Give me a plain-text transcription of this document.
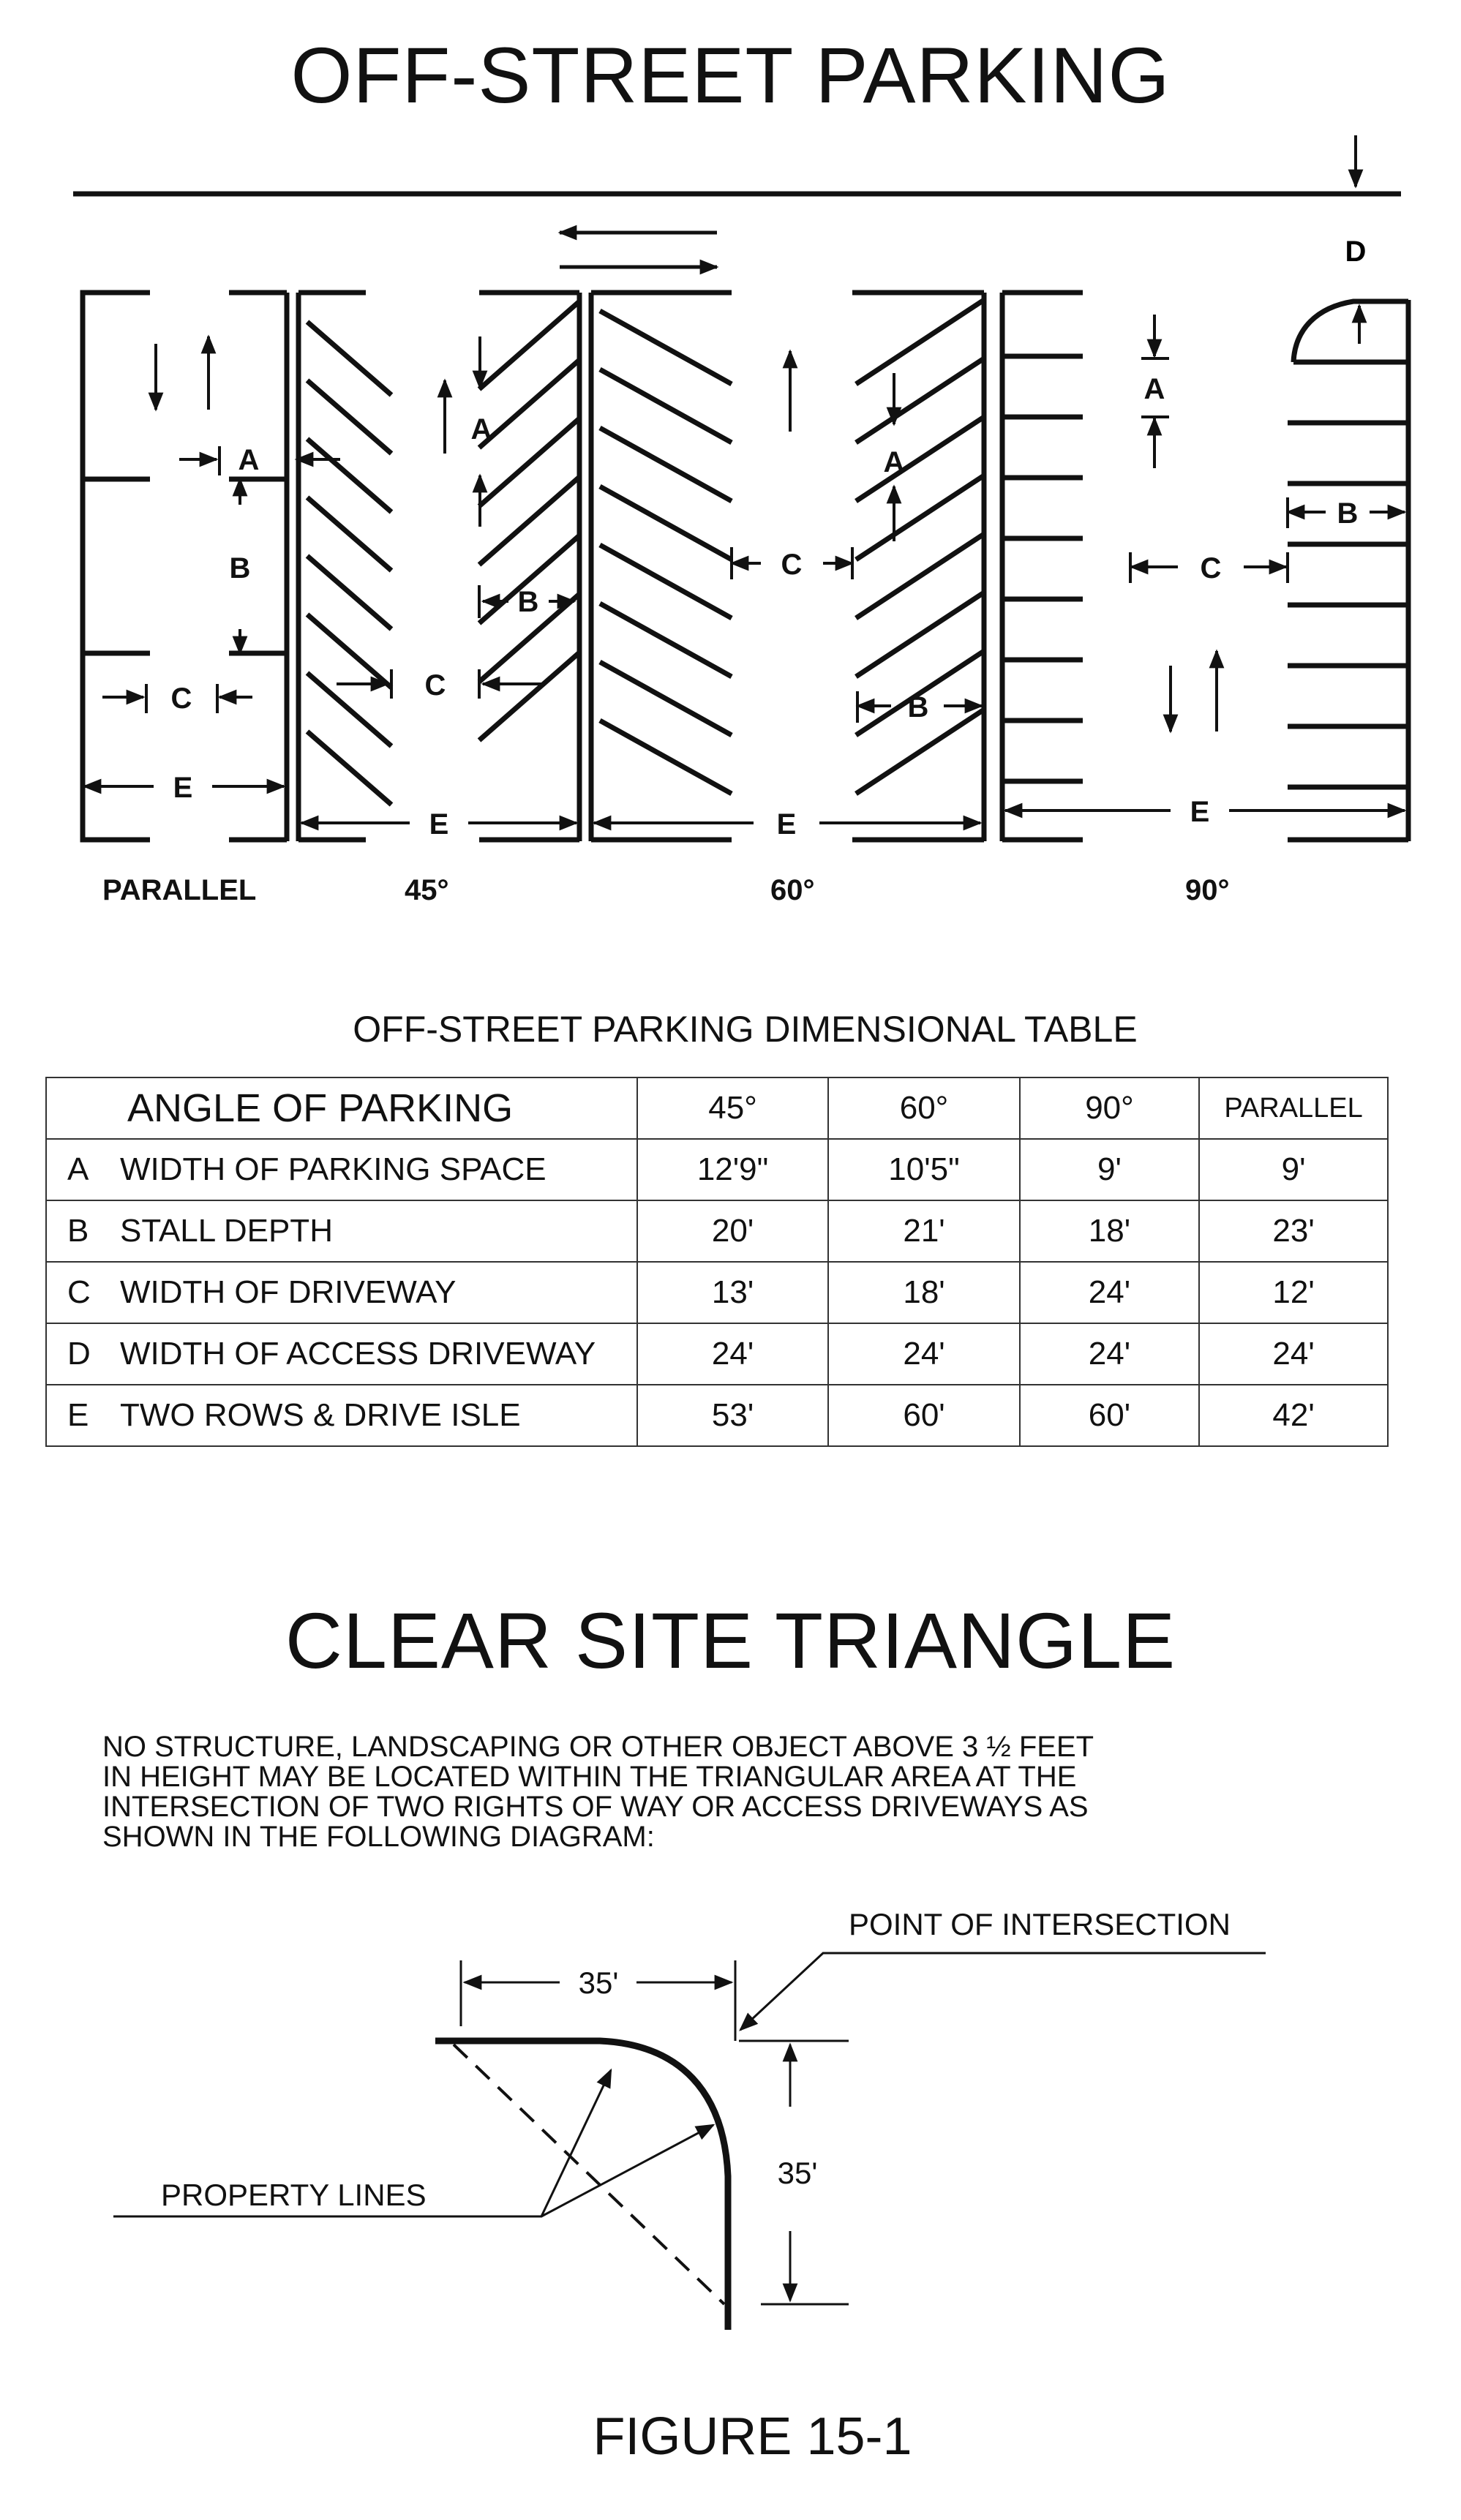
OFF-STREET PARKING
D
A
B
C
E
A
B
C
E
A
C
B
E
A
B
C
E
PARALLEL	45°	60°	90°
OFF-STREET PARKING DIMENSIONAL TABLE
ANGLE OF PARKING	45°	60°	90°	PARALLEL
A WIDTH OF PARKING SPACE	12'9"	10'5"	9'	9'
B STALL DEPTH	20'	21'	18'	23'
C WIDTH OF DRIVEWAY	13'	18'	24'	12'
D WIDTH OF ACCESS DRIVEWAY	24'	24'	24'	24'
E TWO ROWS & DRIVE ISLE	53'	60'	60'	42'
CLEAR SITE TRIANGLE
NO STRUCTURE, LANDSCAPING OR OTHER OBJECT ABOVE 3 ½ FEET
IN HEIGHT MAY BE LOCATED WITHIN THE TRIANGULAR AREA AT THE
INTERSECTION OF TWO RIGHTS OF WAY OR ACCESS DRIVEWAYS AS
SHOWN IN THE FOLLOWING DIAGRAM:
POINT OF INTERSECTION
35'
35'
PROPERTY LINES
FIGURE 15-1
